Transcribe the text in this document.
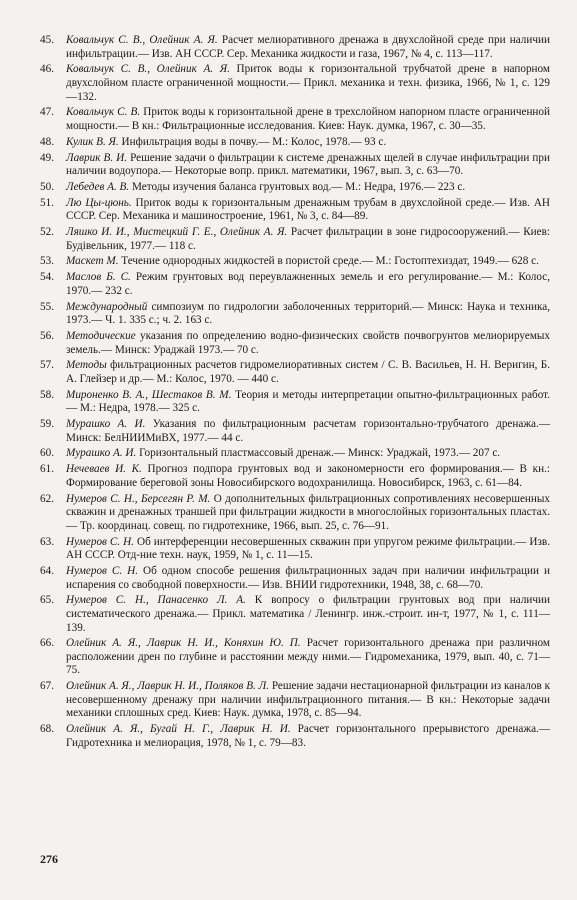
45.	Ковальчук С. В., Олейник А. Я. Расчет мелиоративного дренажа в двухслойной среде при наличии инфильтрации.— Изв. АН СССР. Сер. Механика жидкости и газа, 1967, № 4, с. 113—117.

46.	Ковальчук С. В., Олейник А. Я. Приток воды к горизонтальной трубчатой дрене в напорном двухслойном пласте ограниченной мощности.— Прикл. механика и техн. физика, 1966, № 1, с. 129—132.

47.	Ковальчук С. В. Приток воды к горизонтальной дрене в трехслойном напорном пласте ограниченной мощности.— В кн.: Фильтрационные исследования. Киев: Наук. думка, 1967, с. 30—35.

48.	Кулик В. Я. Инфильтрация воды в почву.— М.: Колос, 1978.— 93 с.

49.	Лаврик В. И. Решение задачи о фильтрации к системе дренажных щелей в случае инфильтрации при наличии водоупора.— Некоторые вопр. прикл. математики, 1967, вып. 3, с. 63—70.

50.	Лебедев А. В. Методы изучения баланса грунтовых вод.— М.: Недра, 1976.— 223 с.

51.	Лю Цы-цюнь. Приток воды к горизонтальным дренажным трубам в двухслойной среде.— Изв. АН СССР. Сер. Механика и машиностроение, 1961, № 3, с. 84—89.

52.	Ляшко И. И., Мистецкий Г. Е., Олейник А. Я. Расчет фильтрации в зоне гидросооружений.— Киев: Будiвельник, 1977.— 118 с.

53.	Маскет М. Течение однородных жидкостей в пористой среде.— М.: Гостоптехиздат, 1949.— 628 с.

54.	Маслов Б. С. Режим грунтовых вод переувлажненных земель и его регулирование.— М.: Колос, 1970.— 232 с.

55.	Международный симпозиум по гидрологии заболоченных территорий.— Минск: Наука и техника, 1973.— Ч. 1. 335 с.; ч. 2. 163 с.

56.	Методические указания по определению водно-физических свойств почвогрунтов мелиорируемых земель.— Минск: Ураджай 1973.— 70 с.

57.	Методы фильтрационных расчетов гидромелиоративных систем / С. В. Васильев, Н. Н. Веригин, Б. А. Глейзер и др.— М.: Колос, 1970. — 440 с.

58.	Мироненко В. А., Шестаков В. М. Теория и методы интерпретации опытно-фильтрационных работ.— М.: Недра, 1978.— 325 с.

59.	Мурашко А. И. Указания по фильтрационным расчетам горизонтально-трубчатого дренажа.— Минск: БелНИИМиВХ, 1977.— 44 с.

60.	Мурашко А. И. Горизонтальный пластмассовый дренаж.— Минск: Ураджай, 1973.— 207 с.

61.	Нечеваев И. К. Прогноз подпора грунтовых вод и закономерности его формирования.— В кн.: Формирование береговой зоны Новосибирского водохранилища. Новосибирск, 1963, с. 61—84.

62.	Нумеров С. Н., Берсегян Р. М. О дополнительных фильтрационных сопротивлениях несовершенных скважин и дренажных траншей при фильтрации жидкости в многослойных горизонтальных пластах.— Тр. координац. совещ. по гидротехнике, 1966, вып. 25, с. 76—91.

63.	Нумеров С. Н. Об интерференции несовершенных скважин при упругом режиме фильтрации.— Изв. АН СССР. Отд-ние техн. наук, 1959, № 1, с. 11—15.

64.	Нумеров С. Н. Об одном способе решения фильтрационных задач при наличии инфильтрации и испарения со свободной поверхности.— Изв. ВНИИ гидротехники, 1948, 38, с. 68—70.

65.	Нумеров С. Н., Панасенко Л. А. К вопросу о фильтрации грунтовых вод при наличии систематического дренажа.— Прикл. математика / Ленингр. инж.-строит. ин-т, 1977, № 1, с. 111—139.

66.	Олейник А. Я., Лаврик Н. И., Коняхин Ю. П. Расчет горизонтального дренажа при различном расположении дрен по глубине и расстоянии между ними.— Гидромеханика, 1979, вып. 40, с. 71—75.

67.	Олейник А. Я., Лаврик Н. И., Поляков В. Л. Решение задачи нестационарной фильтрации из каналов к несовершенному дренажу при наличии инфильтрационного питания.— В кн.: Некоторые задачи механики сплошных сред. Киев: Наук. думка, 1978, с. 85—94.

68.	Олейник А. Я., Бугай Н. Г., Лаврик Н. И. Расчет горизонтального прерывистого дренажа.— Гидротехника и мелиорация, 1978, № 1, с. 79—83.

276
